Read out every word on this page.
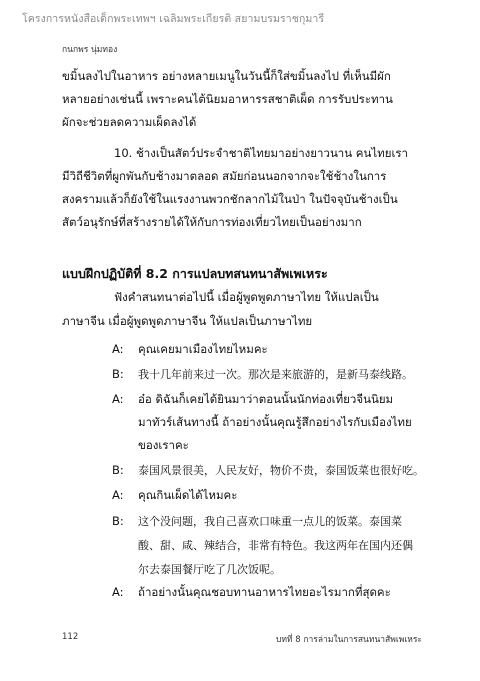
โครงการหนังสือเด็กพระเทพฯ เฉลิมพระเกียรติ สยามบรมราชกุมารี
กนกพร นุ่มทอง
ขมิ้นลงไปในอาหาร อย่างหลายเมนูในวันนี้ก็ใส่ขมิ้นลงไป ที่เห็นมีผัก
หลายอย่างเช่นนี้ เพราะคนไต้นิยมอาหารรสชาติเผ็ด การรับประทาน
ผักจะช่วยลดความเผ็ดลงได้
10. ช้างเป็นสัตว์ประจำชาติไทยมาอย่างยาวนาน คนไทยเรา
มีวิถีชีวิตที่ผูกพันกับช้างมาตลอด สมัยก่อนนอกจากจะใช้ช้างในการ
สงครามแล้วก็ยังใช้ในแรงงานพวกชักลากไม้ในป่า ในปัจจุบันช้างเป็น
สัตว์อนุรักษ์ที่สร้างรายได้ให้กับการท่องเที่ยวไทยเป็นอย่างมาก
แบบฝึกปฏิบัติที่ 8.2 การแปลบทสนทนาสัพเพเหระ
ฟังคำสนทนาต่อไปนี้ เมื่อผู้พูดพูดภาษาไทย ให้แปลเป็น
ภาษาจีน เมื่อผู้พูดพูดภาษาจีน ให้แปลเป็นภาษาไทย
A:	คุณเคยมาเมืองไทยไหมคะ
B:	我十几年前来过一次。那次是来旅游的，是新马泰线路。
A:	อ๋อ ดิฉันก็เคยได้ยินมาว่าตอนนั้นนักท่องเที่ยวจีนนิยม
มาทัวร์เส้นทางนี้ ถ้าอย่างนั้นคุณรู้สึกอย่างไรกับเมืองไทย
ของเราคะ
B:	泰国风景很美，人民友好，物价不贵，泰国饭菜也很好吃。
A:	คุณกินเผ็ดได้ไหมคะ
B:	这个没问题，我自己喜欢口味重一点儿的饭菜。泰国菜
酸、甜、咸、辣结合，非常有特色。我这两年在国内还偶
尔去泰国餐厅吃了几次饭呢。
A:	ถ้าอย่างนั้นคุณชอบทานอาหารไทยอะไรมากที่สุดคะ
112	บทที่ 8 การล่ามในการสนทนาสัพเพเหระ
